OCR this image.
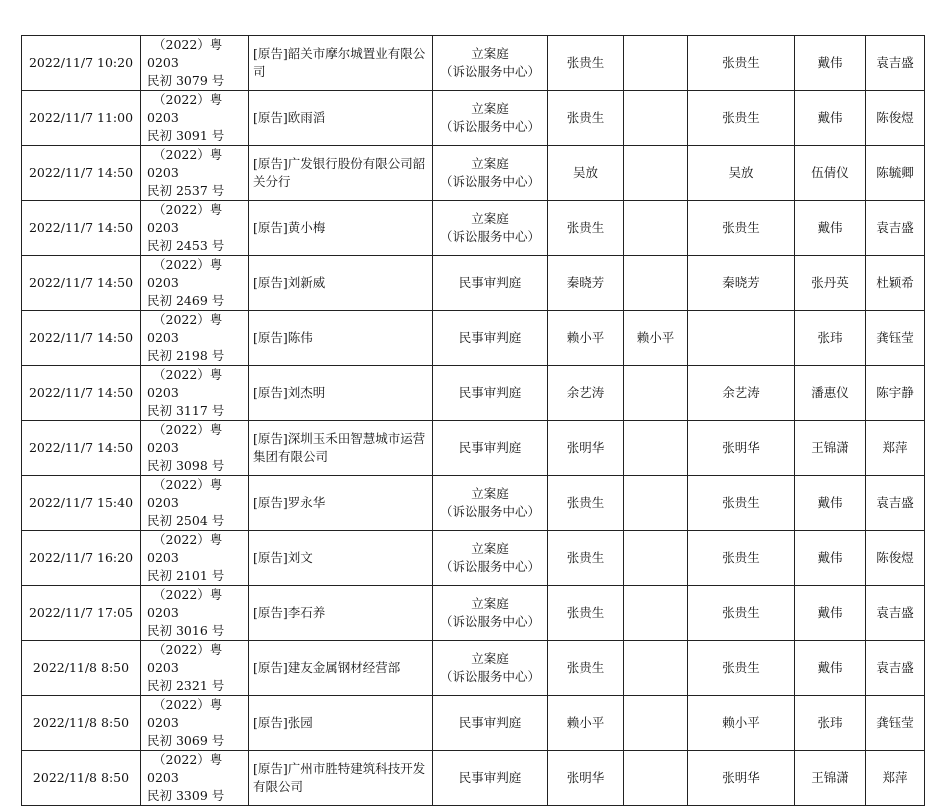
2022/11/7 10:20	（2022）粤 0203
民初 3079 号	[原告]韶关市摩尔城置业有限公司	立案庭
（诉讼服务中心）	张贵生		张贵生	戴伟	袁吉盛
2022/11/7 11:00	（2022）粤 0203
民初 3091 号	[原告]欧雨滔	立案庭
（诉讼服务中心）	张贵生		张贵生	戴伟	陈俊煜
2022/11/7 14:50	（2022）粤 0203
民初 2537 号	[原告]广发银行股份有限公司韶关分行	立案庭
（诉讼服务中心）	吴放		吴放	伍倩仪	陈毓卿
2022/11/7 14:50	（2022）粤 0203
民初 2453 号	[原告]黄小梅	立案庭
（诉讼服务中心）	张贵生		张贵生	戴伟	袁吉盛
2022/11/7 14:50	（2022）粤 0203
民初 2469 号	[原告]刘新威	民事审判庭	秦晓芳		秦晓芳	张丹英	杜颖希
2022/11/7 14:50	（2022）粤 0203
民初 2198 号	[原告]陈伟	民事审判庭	赖小平	赖小平		张玮	龚钰莹
2022/11/7 14:50	（2022）粤 0203
民初 3117 号	[原告]刘杰明	民事审判庭	余艺涛		余艺涛	潘惠仪	陈宇静
2022/11/7 14:50	（2022）粤 0203
民初 3098 号	[原告]深圳玉禾田智慧城市运营集团有限公司	民事审判庭	张明华		张明华	王锦潇	郑萍
2022/11/7 15:40	（2022）粤 0203
民初 2504 号	[原告]罗永华	立案庭
（诉讼服务中心）	张贵生		张贵生	戴伟	袁吉盛
2022/11/7 16:20	（2022）粤 0203
民初 2101 号	[原告]刘文	立案庭
（诉讼服务中心）	张贵生		张贵生	戴伟	陈俊煜
2022/11/7 17:05	（2022）粤 0203
民初 3016 号	[原告]李石养	立案庭
（诉讼服务中心）	张贵生		张贵生	戴伟	袁吉盛
2022/11/8 8:50	（2022）粤 0203
民初 2321 号	[原告]建友金属钢材经营部	立案庭
（诉讼服务中心）	张贵生		张贵生	戴伟	袁吉盛
2022/11/8 8:50	（2022）粤 0203
民初 3069 号	[原告]张园	民事审判庭	赖小平		赖小平	张玮	龚钰莹
2022/11/8 8:50	（2022）粤 0203
民初 3309 号	[原告]广州市胜特建筑科技开发有限公司	民事审判庭	张明华		张明华	王锦潇	郑萍
